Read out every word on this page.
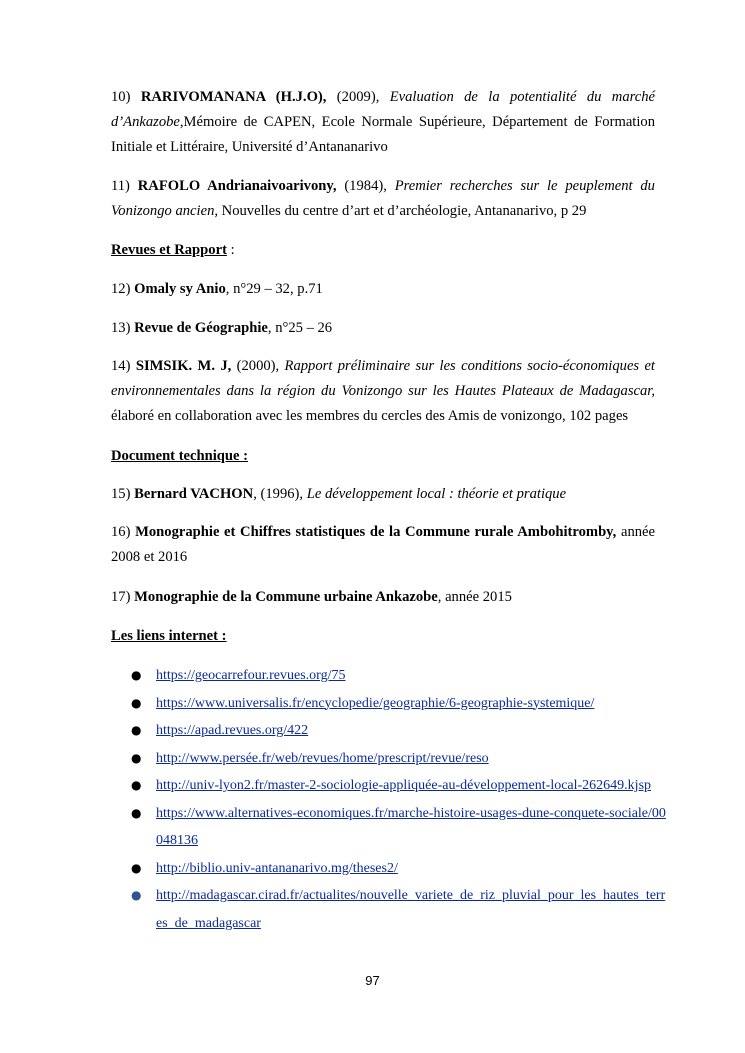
10) RARIVOMANANA (H.J.O), (2009), Evaluation de la potentialité du marché d’Ankazobe,Mémoire de CAPEN, Ecole Normale Supérieure, Département de Formation Initiale et Littéraire, Université d’Antananarivo

11) RAFOLO Andrianaivoarivony, (1984), Premier recherches sur le peuplement du Vonizongo ancien, Nouvelles du centre d’art et d’archéologie, Antananarivo, p 29

Revues et Rapport :

12) Omaly sy Anio, n°29 – 32, p.71

13) Revue de Géographie, n°25 – 26

14) SIMSIK. M. J, (2000), Rapport préliminaire sur les conditions socio-économiques et environnementales dans la région du Vonizongo sur les Hautes Plateaux de Madagascar, élaboré en collaboration avec les membres du cercles des Amis de vonizongo, 102 pages

Document technique :

15) Bernard VACHON, (1996), Le développement local : théorie et pratique

16) Monographie et Chiffres statistiques de la Commune rurale Ambohitromby, année 2008 et 2016

17) Monographie de la Commune urbaine Ankazobe, année 2015

Les liens internet :

● https://geocarrefour.revues.org/75
● https://www.universalis.fr/encyclopedie/geographie/6-geographie-systemique/
● https://apad.revues.org/422
● http://www.persée.fr/web/revues/home/prescript/revue/reso
● http://univ-lyon2.fr/master-2-sociologie-appliquée-au-développement-local-262649.kjsp
● https://www.alternatives-economiques.fr/marche-histoire-usages-dune-conquete-sociale/00048136
● http://biblio.univ-antananarivo.mg/theses2/
● http://madagascar.cirad.fr/actualites/nouvelle_variete_de_riz_pluvial_pour_les_hautes_terres_de_madagascar
97
